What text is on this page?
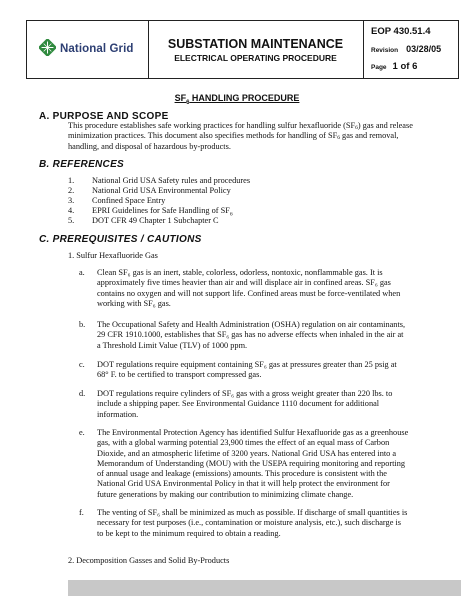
National Grid	SUBSTATION MAINTENANCE
ELECTRICAL OPERATING PROCEDURE
EOP 430.51.4
Revision 03/28/05
Page 1 of 6
$SF_6$ HANDLING PROCEDURE
A. PURPOSE AND SCOPE
This procedure establishes safe working practices for handling sulfur hexafluoride $(SF_6)$ gas and release
minimization practices. This document also specifies methods for handling of $SF_6$ gas and removal,
handling, and disposal of hazardous by-products.
B. REFERENCES
1. National Grid USA Safety rules and procedures
2. National Grid USA Environmental Policy
3. Confined Space Entry
4. EPRI Guidelines for Safe Handling of $SF_6$
5. DOT CFR 49 Chapter 1 Subchapter C
C. PREREQUISITES / CAUTIONS
1. Sulfur Hexafluoride Gas
a. Clean SF₆ gas is an inert, stable, colorless, odorless, nontoxic, nonflammable gas. It is
approximately five times heavier than air and will displace air in confined areas. SF₆ gas
contains no oxygen and will not support life. Confined areas must be force-ventilated when
working with SF₆ gas.
b. The Occupational Safety and Health Administration (OSHA) regulation on air contaminants,
29 CFR 1910.1000, establishes that SF₆ gas has no adverse effects when inhaled in the air at
a Threshold Limit Value (TLV) of 1000 ppm.
c. DOT regulations require equipment containing SF₆ gas at pressures greater than 25 psig at
68° F. to be certified to transport compressed gas.
d. DOT regulations require cylinders of SF₆ gas with a gross weight greater than 220 lbs. to
include a shipping paper. See Environmental Guidance 1110 document for additional
information.
e. The Environmental Protection Agency has identified Sulfur Hexafluoride gas as a greenhouse
gas, with a global warming potential 23,900 times the effect of an equal mass of Carbon
Dioxide, and an atmospheric lifetime of 3200 years. National Grid USA has entered into a
Memorandum of Understanding (MOU) with the USEPA requiring monitoring and reporting
of annual usage and leakage (emissions) amounts. This procedure is consistent with the
National Grid USA Environmental Policy in that it will help protect the environment for
future generations by making our contribution to minimizing climate change.
f. The venting of SF₆ shall be minimized as much as possible. If discharge of small quantities is
necessary for test purposes (i.e., contamination or moisture analysis, etc.), such discharge is
to be kept to the minimum required to obtain a reading.
2. Decomposition Gasses and Solid By-Products
